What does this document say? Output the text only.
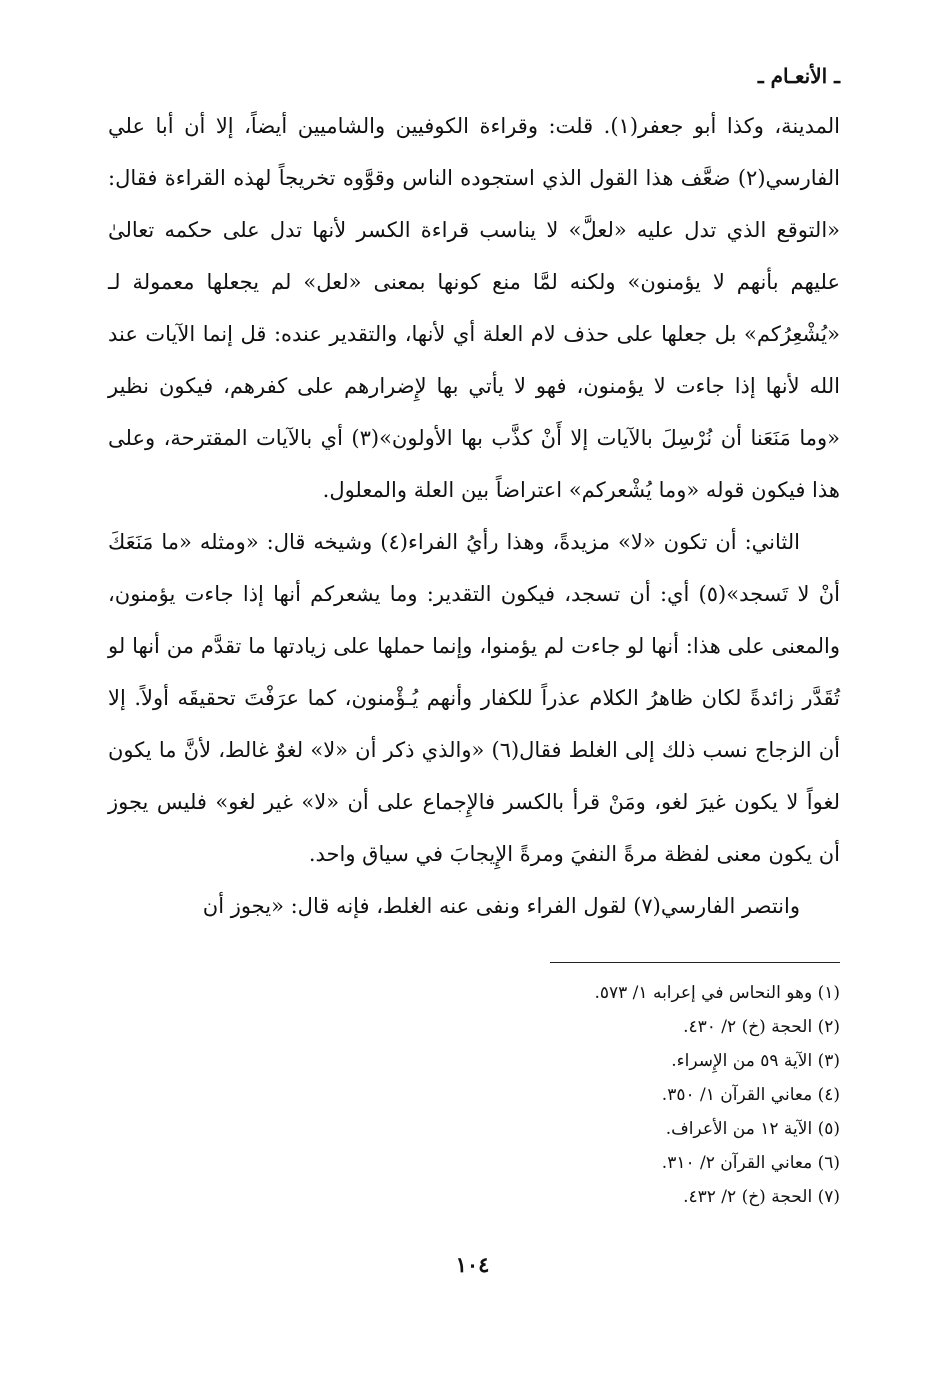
ـ الأنعـام ـ

المدينة، وكذا أبو جعفر(١). قلت: وقراءة الكوفيين والشاميين أيضاً، إلا أن أبا علي الفارسي(٢) ضعَّف هذا القول الذي استجوده الناس وقوَّوه تخريجاً لهذه القراءة فقال: «التوقع الذي تدل عليه «لعلَّ» لا يناسب قراءة الكسر لأنها تدل على حكمه تعالىٰ عليهم بأنهم لا يؤمنون» ولكنه لمَّا منع كونها بمعنى «لعل» لم يجعلها معمولة لـ «يُشْعِرُكم» بل جعلها على حذف لام العلة أي لأنها، والتقدير عنده: قل إنما الآيات عند الله لأنها إذا جاءت لا يؤمنون، فهو لا يأتي بها لإِضرارهم على كفرهم، فيكون نظير «وما مَنَعَنا أن نُرْسِلَ بالآيات إلا أَنْ كذَّب بها الأولون»(٣) أي بالآيات المقترحة، وعلى هذا فيكون قوله «وما يُشْعركم» اعتراضاً بين العلة والمعلول.

الثاني: أن تكون «لا» مزيدةً، وهذا رأيُ الفراء(٤) وشيخه قال: «ومثله «ما مَنَعَكَ أنْ لا تَسجد»(٥) أي: أن تسجد، فيكون التقدير: وما يشعركم أنها إذا جاءت يؤمنون، والمعنى على هذا: أنها لو جاءت لم يؤمنوا، وإنما حملها على زيادتها ما تقدَّم من أنها لو تُقَدَّر زائدةً لكان ظاهرُ الكلام عذراً للكفار وأنهم يُـؤْمنون، كما عرَفْتَ تحقيقَه أولاً. إلا أن الزجاج نسب ذلك إلى الغلط فقال(٦) «والذي ذكر أن «لا» لغوٌ غالط، لأنَّ ما يكون لغواً لا يكون غيرَ لغو، ومَنْ قرأ بالكسر فالإِجماع على أن «لا» غير لغو» فليس يجوز أن يكون معنى لفظة مرةً النفيَ ومرةً الإِيجابَ في سياق واحد.

وانتصر الفارسي(٧) لقول الفراء ونفى عنه الغلط، فإنه قال: «يجوز أن

(١) وهو النحاس في إعرابه ١/ ٥٧٣.
(٢) الحجة (خ) ٢/ ٤٣٠.
(٣) الآية ٥٩ من الإِسراء.
(٤) معاني القرآن ١/ ٣٥٠.
(٥) الآية ١٢ من الأعراف.
(٦) معاني القرآن ٢/ ٣١٠.
(٧) الحجة (خ) ٢/ ٤٣٢.
١٠٤
